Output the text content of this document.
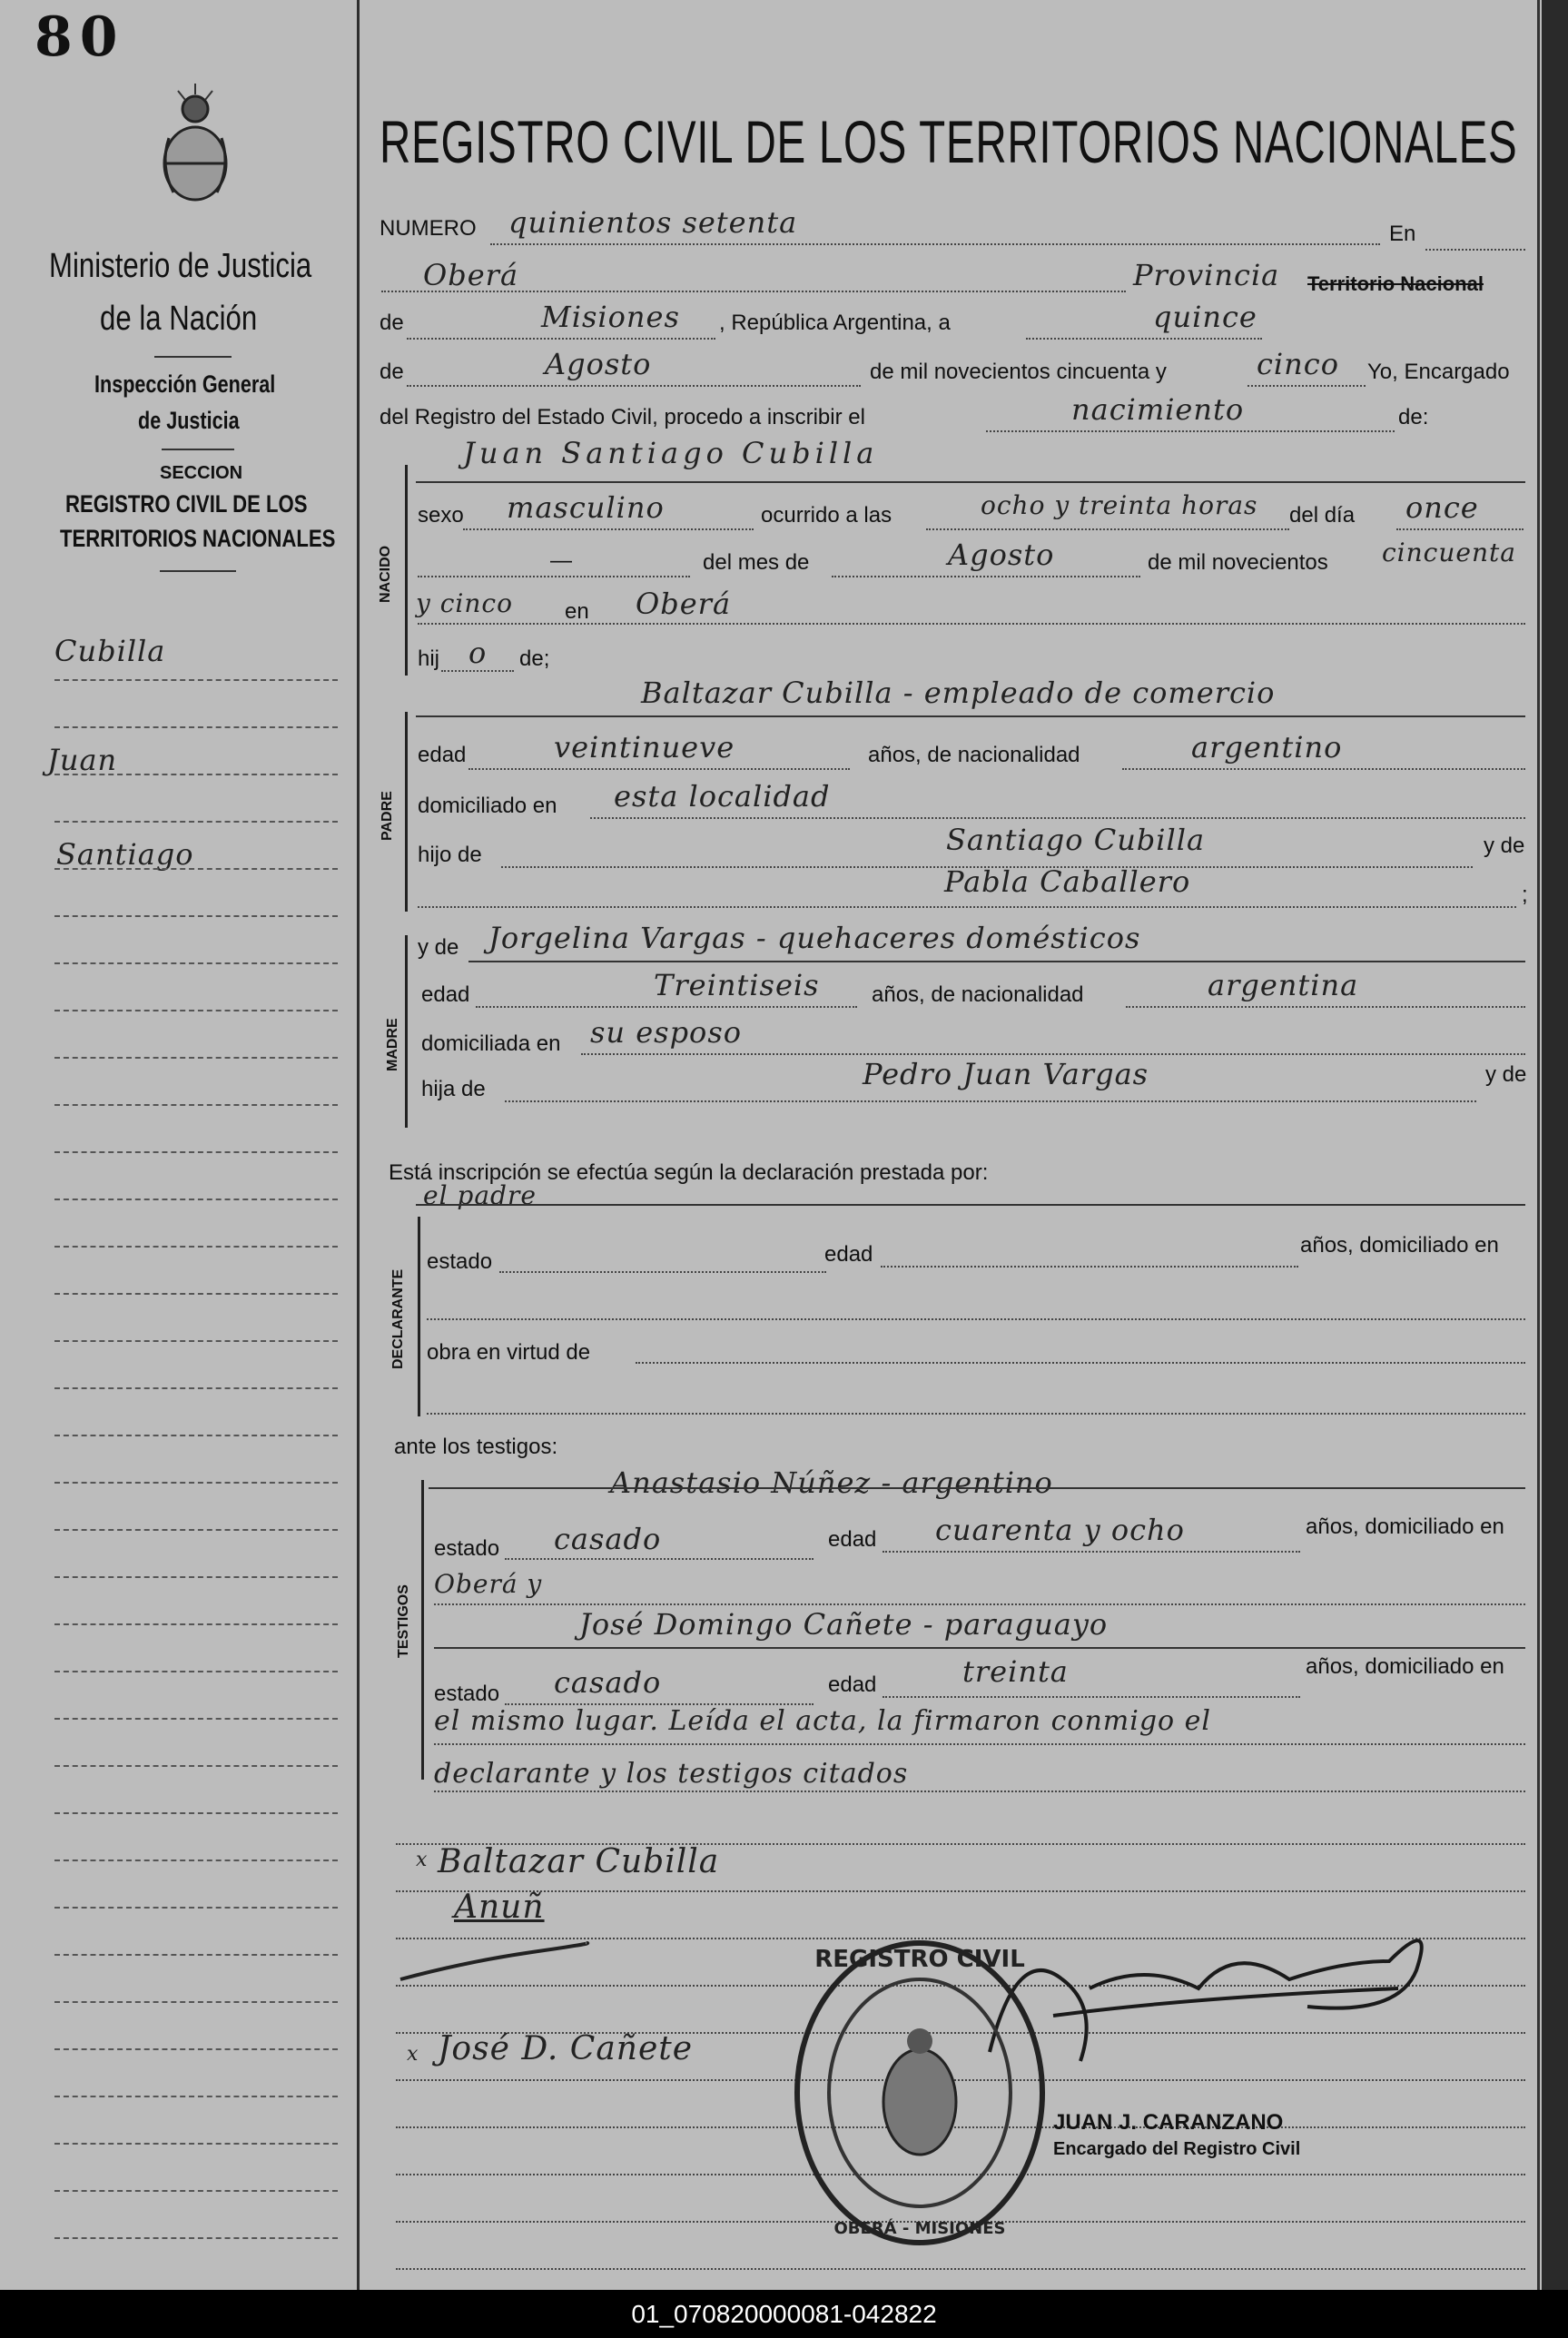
80
Ministerio de Justicia
de la Nación
Inspección General
de Justicia
SECCION
REGISTRO CIVIL DE LOS
TERRITORIOS NACIONALES
Cubilla
Juan
Santiago
REGISTRO CIVIL DE LOS TERRITORIOS NACIONALES
NUMERO quinientos setenta	En
Oberá	Provincia Territorio Nacional
de	Misiones , República Argentina, a	quince
de	Agosto	de mil novecientos cincuenta y	cinco Yo, Encargado
del Registro del Estado Civil, procedo a inscribir el	nacimiento	de:
NACIDO
Juan Santiago Cubilla
sexo masculino	ocurrido a las	ocho y treinta horas del día once
—	del mes de	Agosto	de mil novecientos cincuenta
y cinco en Oberá
hij o de;
PADRE
Baltazar Cubilla - empleado de comercio
edad	veintinueve	años, de nacionalidad	argentino
domiciliado en esta localidad
hijo de	Santiago Cubilla	y de
Pabla Caballero	;
MADRE
y de Jorgelina Vargas - quehaceres domésticos
edad	Treintiseis años, de nacionalidad	argentina
domiciliada en su esposo
hija de	Pedro Juan Vargas	y de
Está inscripción se efectúa según la declaración prestada por:
el padre
DECLARANTE
estado	edad	años, domiciliado en
obra en virtud de
ante los testigos:
TESTIGOS
Anastasio Núñez - argentino
estado casado	edad cuarenta y ocho	años, domiciliado en
Oberá y
José Domingo Cañete - paraguayo
estado casado	edad	treinta	años, domiciliado en
el mismo lugar. Leída el acta, la firmaron conmigo el
declarante y los testigos citados
x Baltazar Cubilla
Anuñ
x José D. Cañete
REGISTRO CIVIL
OBERÁ - MISIONES
JUAN J. CARANZANO
Encargado del Registro Civil
01_070820000081-042822
